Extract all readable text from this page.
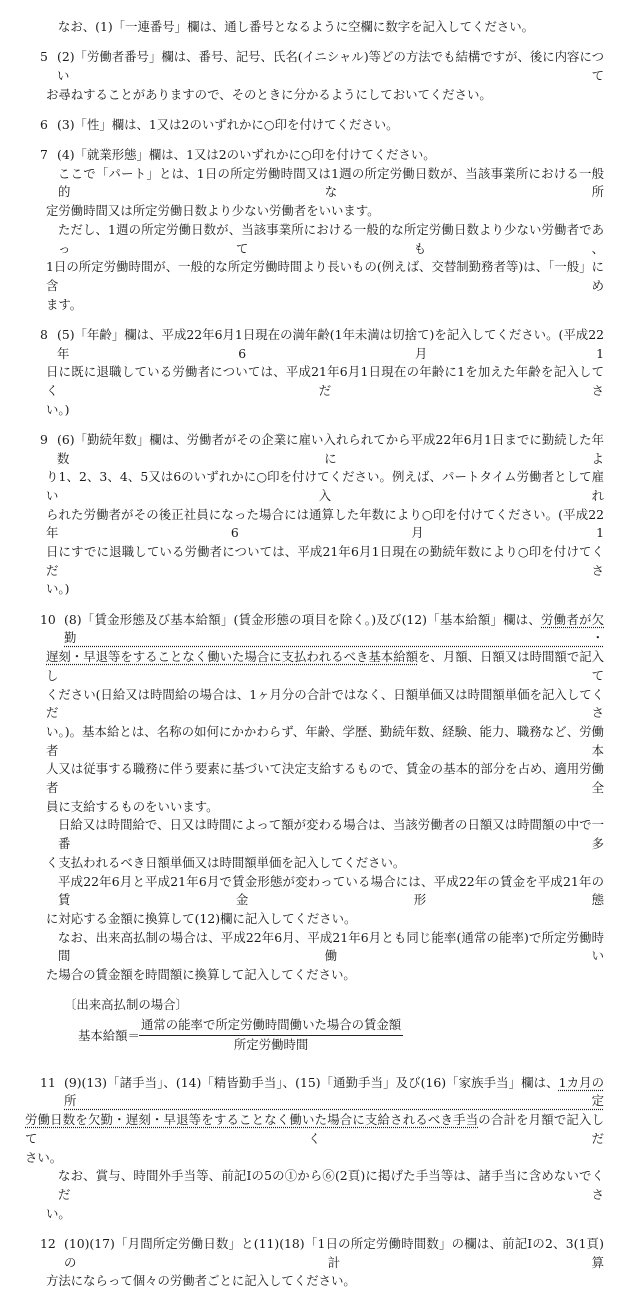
なお、(1)「一連番号」欄は、通し番号となるように空欄に数字を記入してください。
5 (2)「労働者番号」欄は、番号、記号、氏名(イニシャル)等どの方法でも結構ですが、後に内容について
お尋ねすることがありますので、そのときに分かるようにしておいてください。
6 (3)「性」欄は、1又は2のいずれかに○印を付けてください。
7 (4)「就業形態」欄は、1又は2のいずれかに○印を付けてください。
ここで「パート」とは、1日の所定労働時間又は1週の所定労働日数が、当該事業所における一般的な所
定労働時間又は所定労働日数より少ない労働者をいいます。
ただし、1週の所定労働日数が、当該事業所における一般的な所定労働日数より少ない労働者であっても、
1日の所定労働時間が、一般的な所定労働時間より長いもの(例えば、交替制勤務者等)は、「一般」に含め
ます。
8 (5)「年齢」欄は、平成22年6月1日現在の満年齢(1年未満は切捨て)を記入してください。(平成22年6月1
日に既に退職している労働者については、平成21年6月1日現在の年齢に1を加えた年齢を記入してくださ
い。)
9 (6)「勤続年数」欄は、労働者がその企業に雇い入れられてから平成22年6月1日までに勤続した年数によ
り1、2、3、4、5又は6のいずれかに○印を付けてください。例えば、パートタイム労働者として雇い入れ
られた労働者がその後正社員になった場合には通算した年数により○印を付けてください。(平成22年6月1
日にすでに退職している労働者については、平成21年6月1日現在の勤続年数により○印を付けてくださ
い。)
10 (8)「賃金形態及び基本給額」(賃金形態の項目を除く。)及び(12)「基本給額」欄は、労働者が欠勤・
遅刻・早退等をすることなく働いた場合に支払われるべき基本給額を、月額、日額又は時間額で記入して
ください(日給又は時間給の場合は、1ヶ月分の合計ではなく、日額単価又は時間額単価を記入してくださ
い。)。基本給とは、名称の如何にかかわらず、年齢、学歴、勤続年数、経験、能力、職務など、労働者本
人又は従事する職務に伴う要素に基づいて決定支給するもので、賃金の基本的部分を占め、適用労働者全
員に支給するものをいいます。
日給又は時間給で、日又は時間によって額が変わる場合は、当該労働者の日額又は時間額の中で一番多
く支払われるべき日額単価又は時間額単価を記入してください。
平成22年6月と平成21年6月で賃金形態が変わっている場合には、平成22年の賃金を平成21年の賃金形態
に対応する金額に換算して(12)欄に記入してください。
なお、出来高払制の場合は、平成22年6月、平成21年6月とも同じ能率(通常の能率)で所定労働時間働い
た場合の賃金額を時間額に換算して記入してください。
〔出来高払制の場合〕
基本給額＝
通常の能率で所定労働時間働いた場合の賃金額
所定労働時間
11 (9)(13)「諸手当」、(14)「精皆勤手当」、(15)「通勤手当」及び(16)「家族手当」欄は、1カ月の所定
労働日数を欠勤・遅刻・早退等をすることなく働いた場合に支給されるべき手当の合計を月額で記入してくだ
さい。
なお、賞与、時間外手当等、前記Ⅰの5の①から⑥(2頁)に掲げた手当等は、諸手当に含めないでくださ
い。
12 (10)(17)「月間所定労働日数」と(11)(18)「1日の所定労働時間数」の欄は、前記Ⅰの2、3(1頁)の計算
方法にならって個々の労働者ごとに記入してください。
